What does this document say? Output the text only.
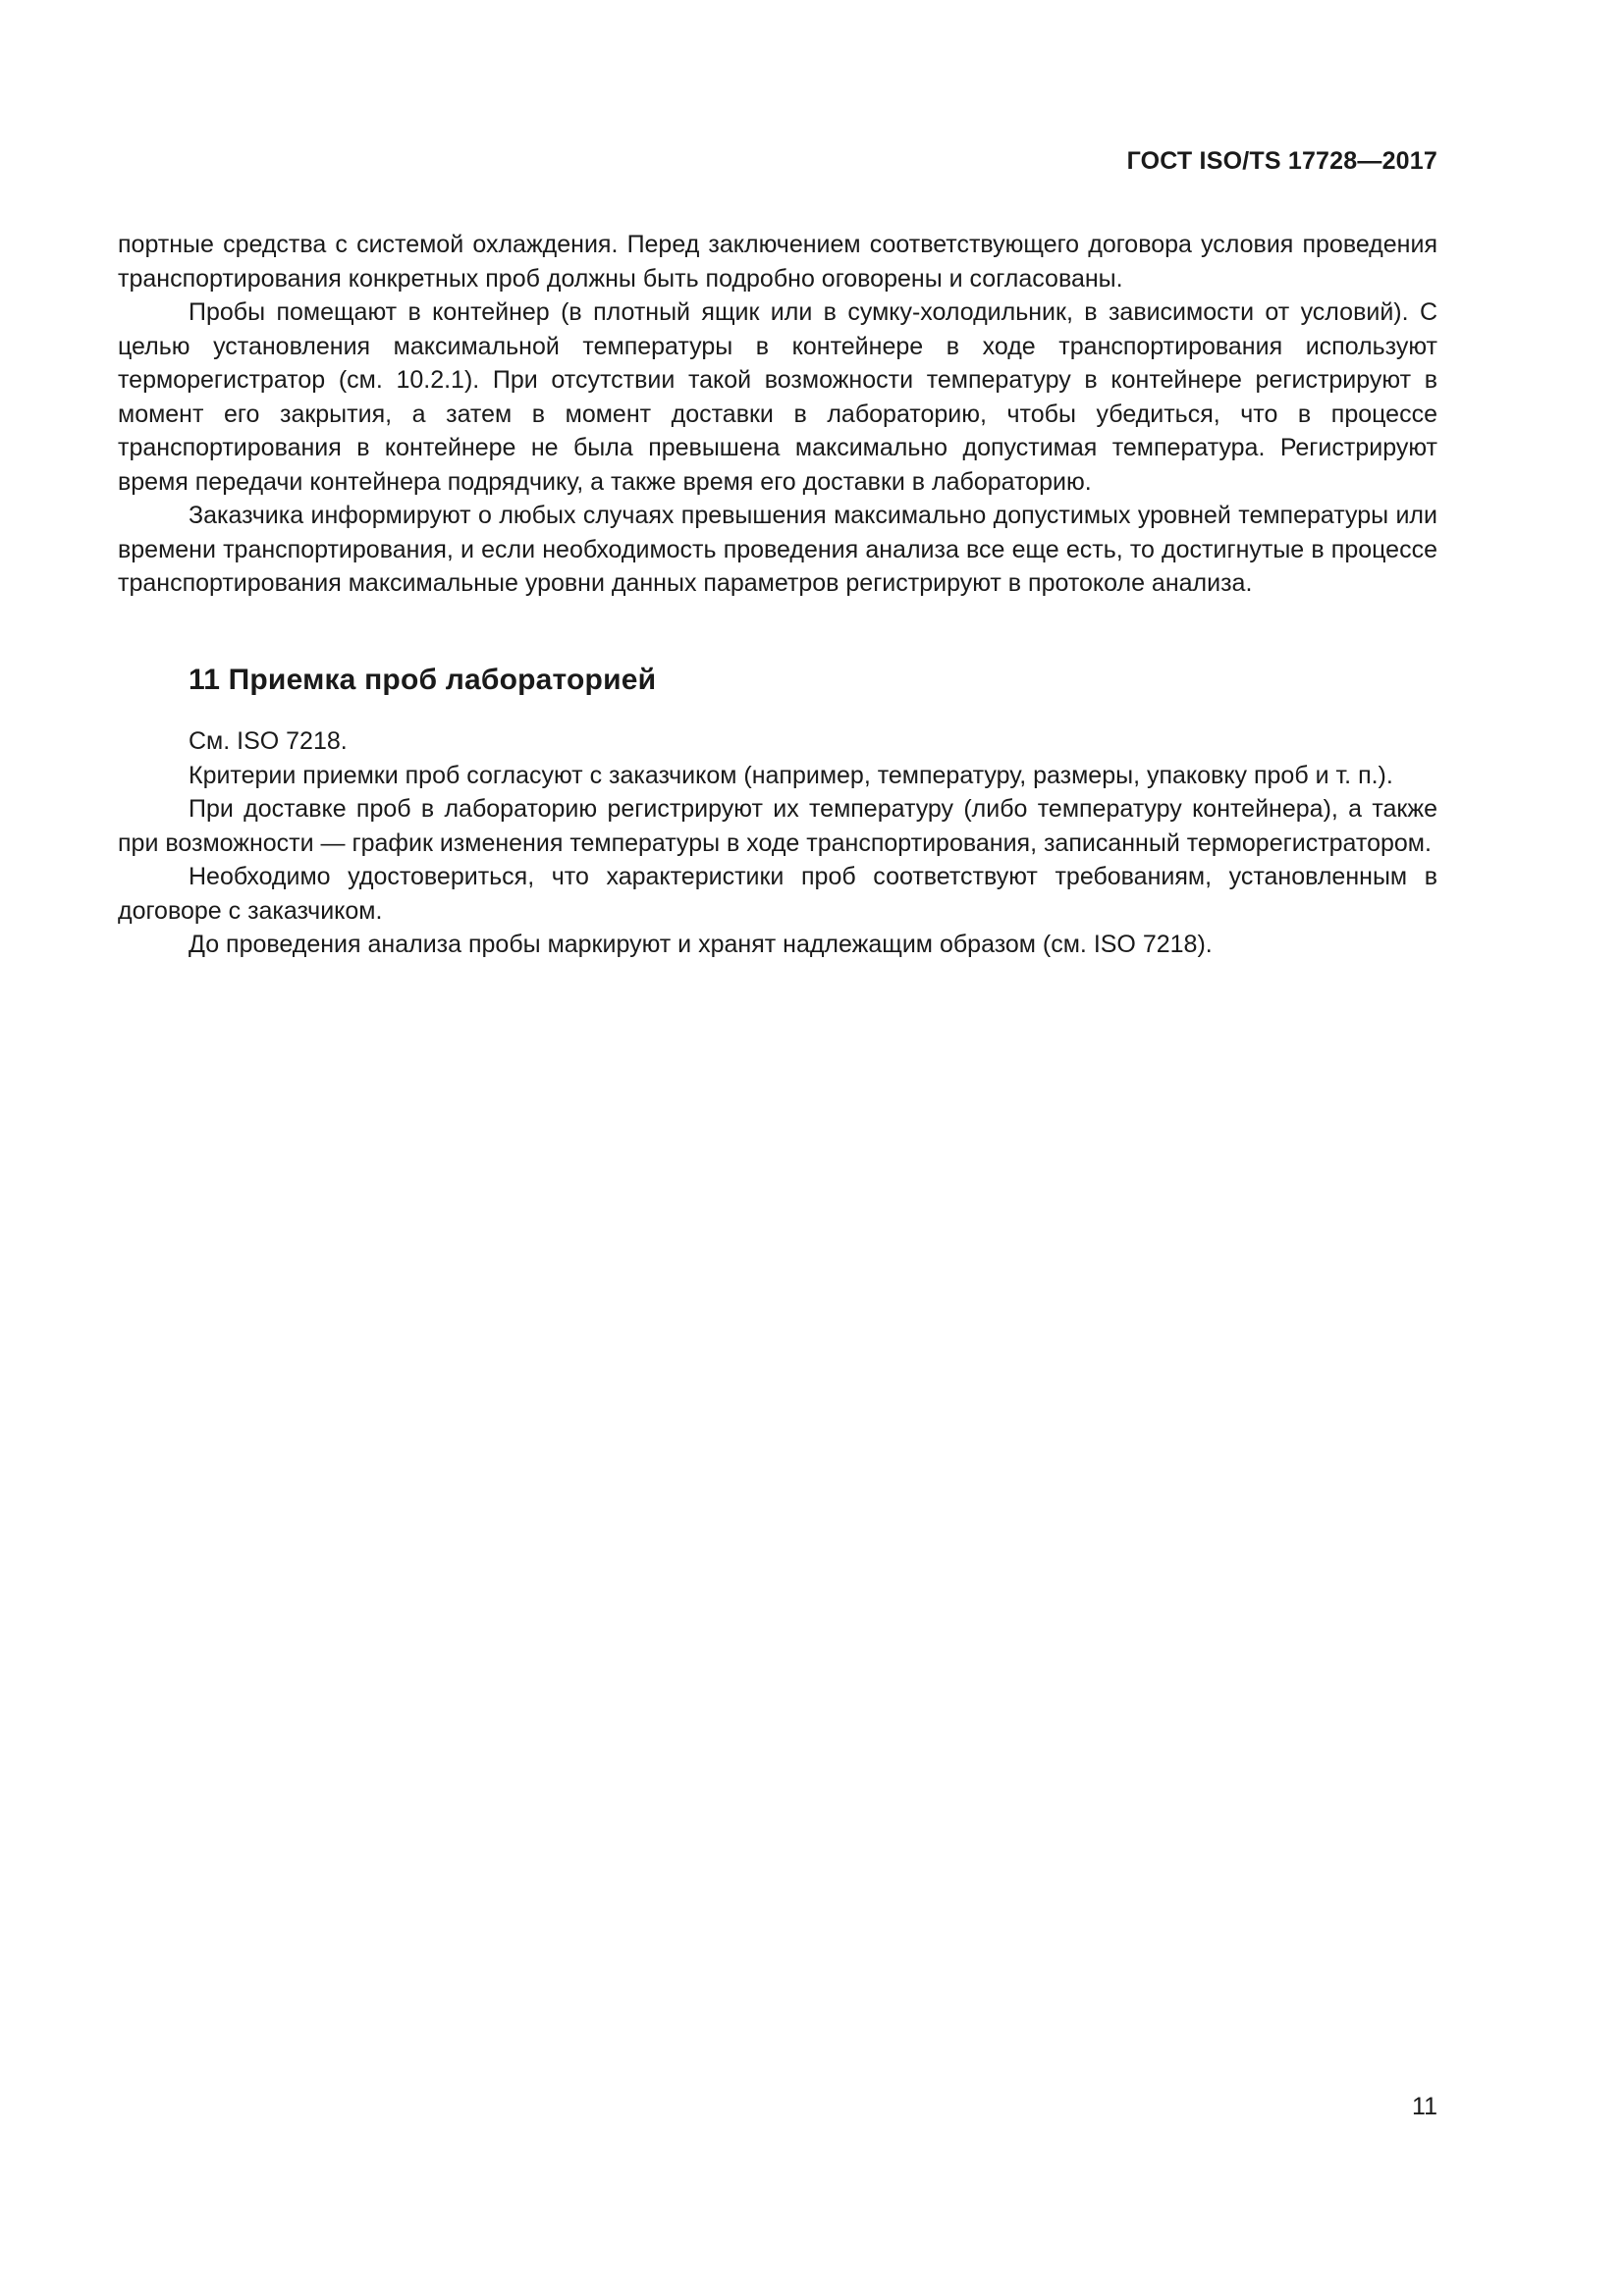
ГОСТ ISO/TS 17728—2017

портные средства с системой охлаждения. Перед заключением соответствующего договора условия проведения транспортирования конкретных проб должны быть подробно оговорены и согласованы.

Пробы помещают в контейнер (в плотный ящик или в сумку-холодильник, в зависимости от условий). С целью установления максимальной температуры в контейнере в ходе транспортирования используют терморегистратор (см. 10.2.1). При отсутствии такой возможности температуру в контейнере регистрируют в момент его закрытия, а затем в момент доставки в лабораторию, чтобы убедиться, что в процессе транспортирования в контейнере не была превышена максимально допустимая температура. Регистрируют время передачи контейнера подрядчику, а также время его доставки в лабораторию.

Заказчика информируют о любых случаях превышения максимально допустимых уровней температуры или времени транспортирования, и если необходимость проведения анализа все еще есть, то достигнутые в процессе транспортирования максимальные уровни данных параметров регистрируют в протоколе анализа.

11 Приемка проб лабораторией

См. ISO 7218.

Критерии приемки проб согласуют с заказчиком (например, температуру, размеры, упаковку проб и т. п.).

При доставке проб в лабораторию регистрируют их температуру (либо температуру контейнера), а также при возможности — график изменения температуры в ходе транспортирования, записанный терморегистратором.

Необходимо удостовериться, что характеристики проб соответствуют требованиям, установленным в договоре с заказчиком.

До проведения анализа пробы маркируют и хранят надлежащим образом (см. ISO 7218).

11
